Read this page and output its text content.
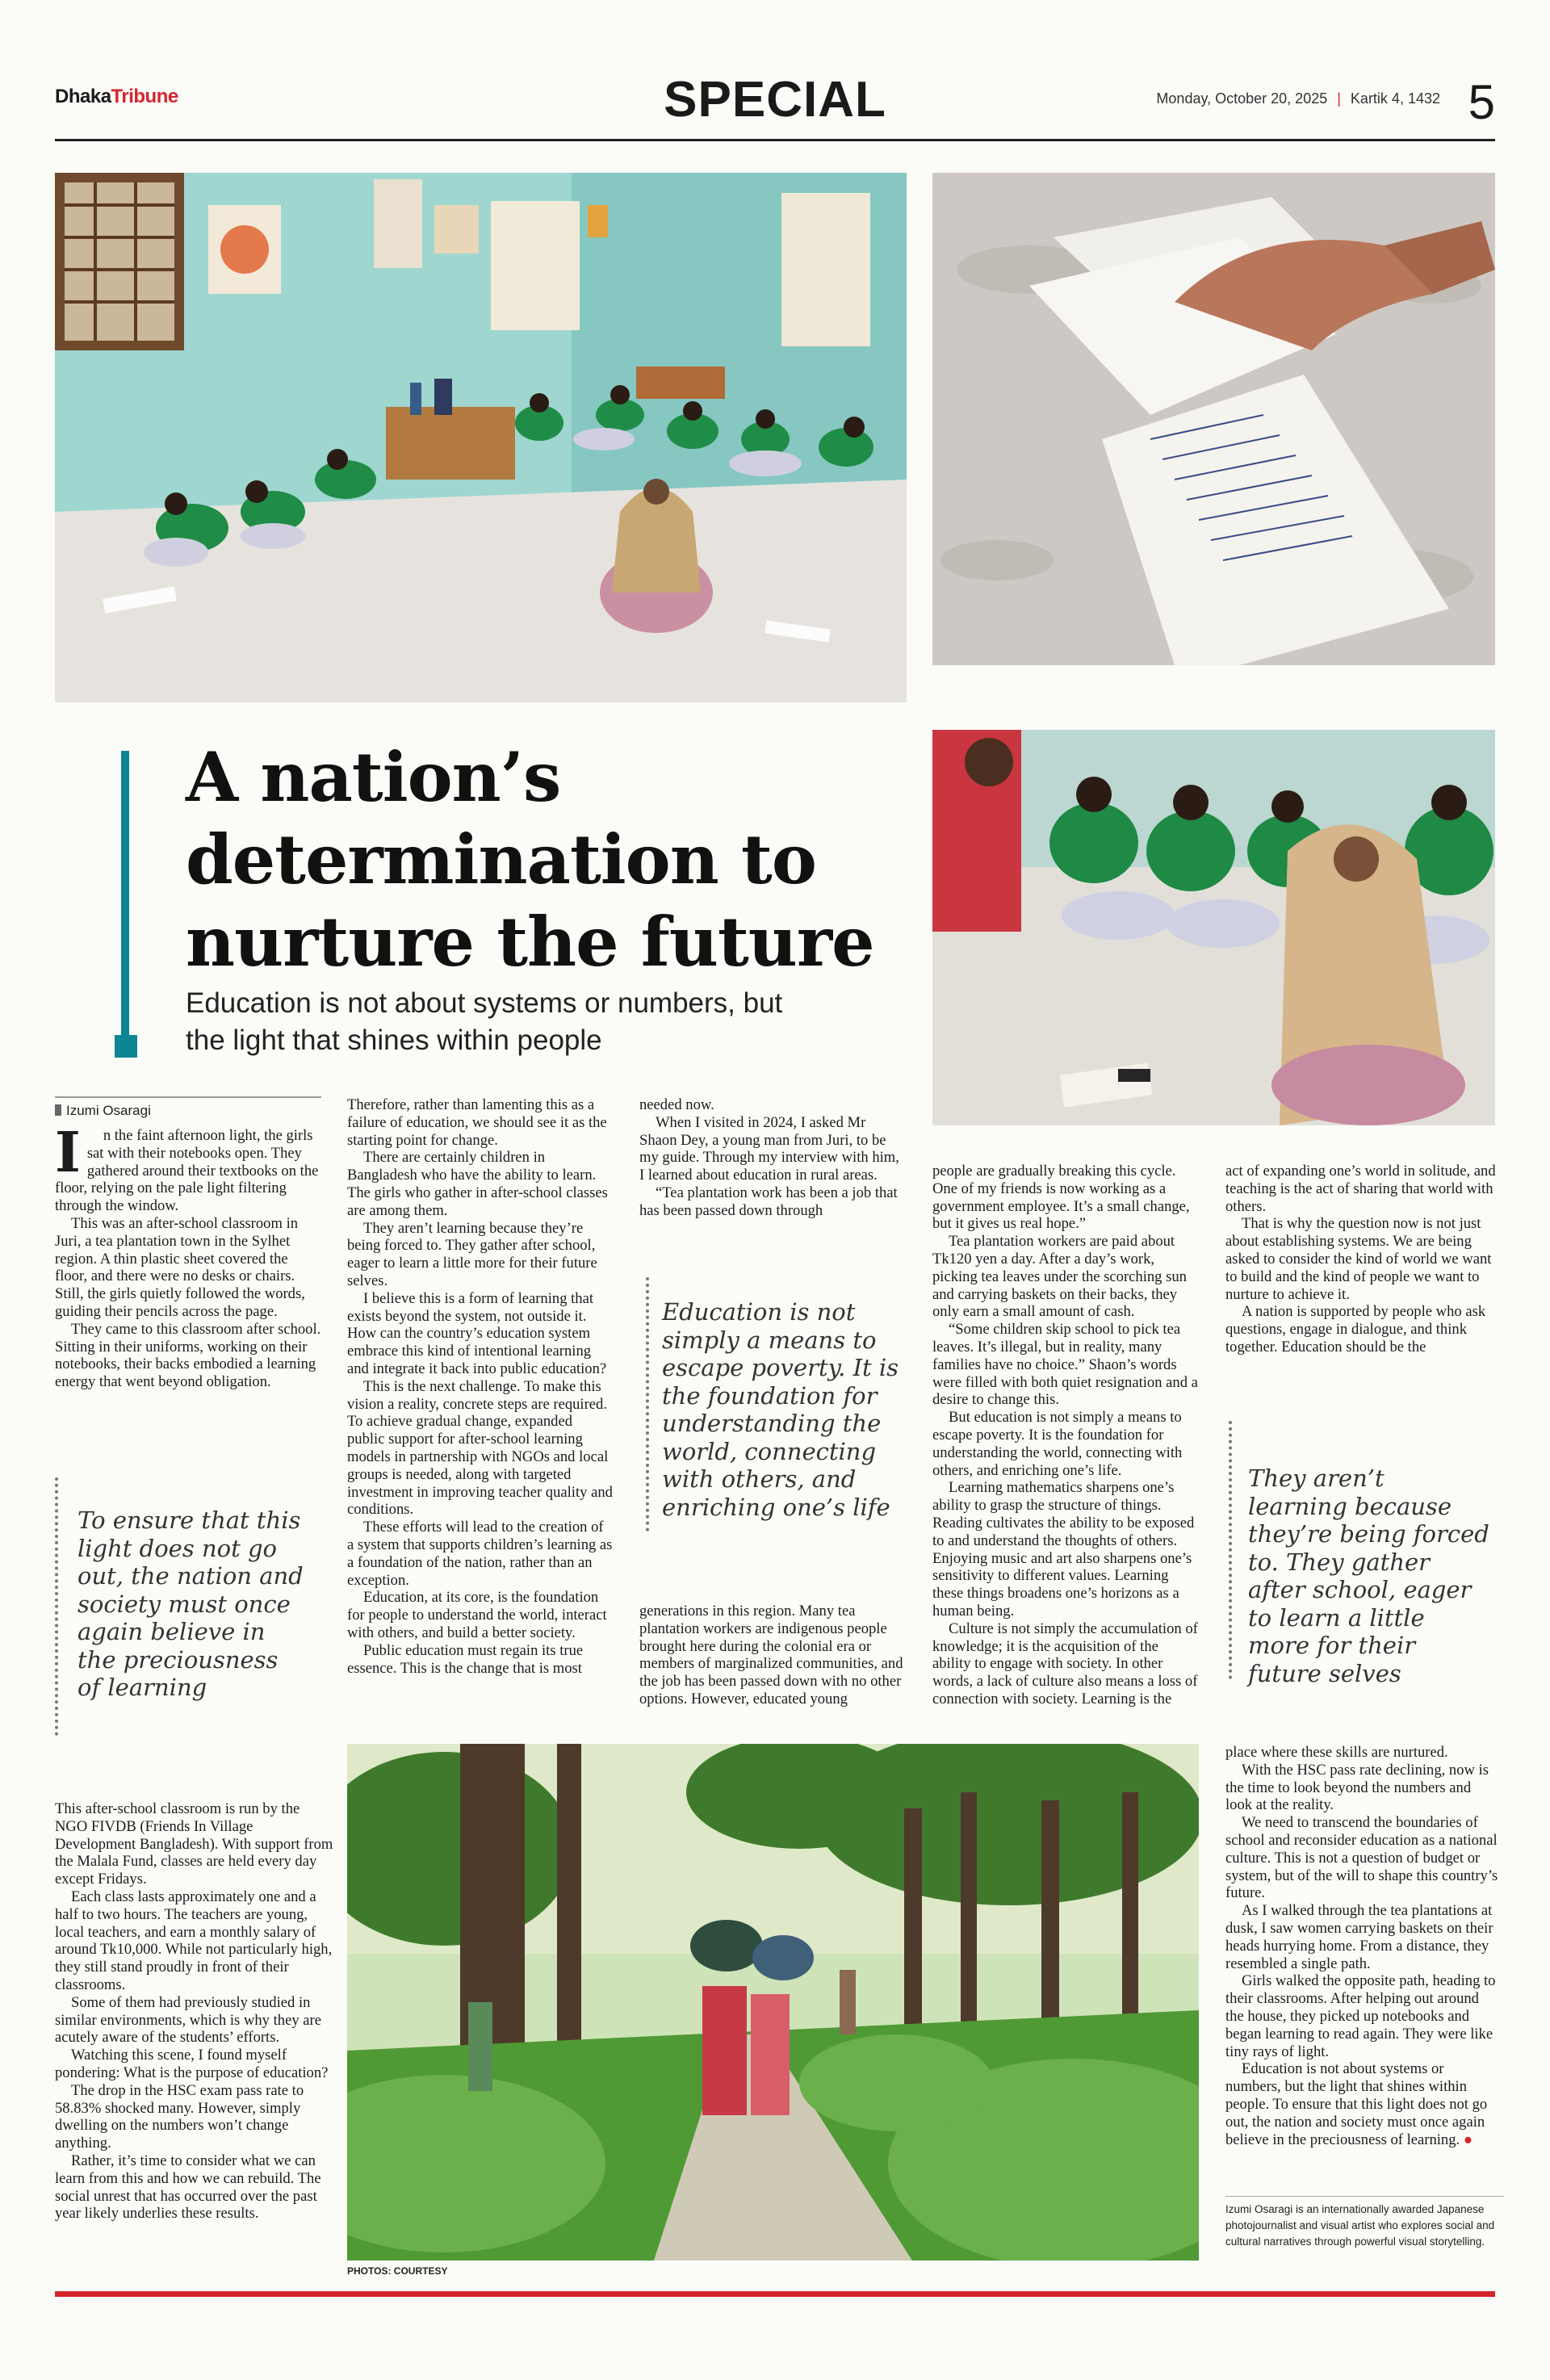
DhakaTribune	SPECIAL	Monday, October 20, 2025 | Kartik 4, 1432 5
A nation’s determination to nurture the future
Education is not about systems or numbers, but the light that shines within people
Izumi Osaragi
I	n the faint afternoon light, the girls sat with their notebooks open. They gathered around their textbooks on the floor, relying on the pale light filtering through the window.

This was an after-school classroom in Juri, a tea plantation town in the Sylhet region. A thin plastic sheet covered the floor, and there were no desks or chairs. Still, the girls quietly followed the words, guiding their pencils across the page.

They came to this classroom after school. Sitting in their uniforms, working on their notebooks, their backs embodied a learning energy that went beyond obligation.

To ensure that this light does not go out, the nation and society must once again believe in the preciousness of learning

This after-school classroom is run by the NGO FIVDB (Friends In Village Development Bangladesh). With support from the Malala Fund, classes are held every day except Fridays.

Each class lasts approximately one and a half to two hours. The teachers are young, local teachers, and earn a monthly salary of around Tk10,000. While not particularly high, they still stand proudly in front of their classrooms.

Some of them had previously studied in similar environments, which is why they are acutely aware of the students’ efforts.

Watching this scene, I found myself pondering: What is the purpose of education?

The drop in the HSC exam pass rate to 58.83% shocked many. However, simply dwelling on the numbers won’t change anything.

Rather, it’s time to consider what we can learn from this and how we can rebuild. The social unrest that has occurred over the past year likely underlies these results.

Therefore, rather than lamenting this as a failure of education, we should see it as the starting point for change.

There are certainly children in Bangladesh who have the ability to learn. The girls who gather in after-school classes are among them.

They aren’t learning because they’re being forced to. They gather after school, eager to learn a little more for their future selves.

I believe this is a form of learning that exists beyond the system, not outside it. How can the country’s education system embrace this kind of intentional learning and integrate it back into public education?

This is the next challenge. To make this vision a reality, concrete steps are required. To achieve gradual change, expanded public support for after-school learning models in partnership with NGOs and local groups is needed, along with targeted investment in improving teacher quality and conditions.

These efforts will lead to the creation of a system that supports children’s learning as a foundation of the nation, rather than an exception.

Education, at its core, is the foundation for people to understand the world, interact with others, and build a better society.

Public education must regain its true essence. This is the change that is most

needed now.

When I visited in 2024, I asked Mr Shaon Dey, a young man from Juri, to be my guide. Through my interview with him, I learned about education in rural areas.

“Tea plantation work has been a job that has been passed down through

Education is not simply a means to escape poverty. It is the foundation for understanding the world, connecting with others, and enriching one’s life

generations in this region. Many tea plantation workers are indigenous people brought here during the colonial era or members of marginalized communities, and the job has been passed down with no other options. However, educated young

people are gradually breaking this cycle. One of my friends is now working as a government employee. It’s a small change, but it gives us real hope.”

Tea plantation workers are paid about Tk120 yen a day. After a day’s work, picking tea leaves under the scorching sun and carrying baskets on their backs, they only earn a small amount of cash.

“Some children skip school to pick tea leaves. It’s illegal, but in reality, many families have no choice.” Shaon’s words were filled with both quiet resignation and a desire to change this.

But education is not simply a means to escape poverty. It is the foundation for understanding the world, connecting with others, and enriching one’s life.

Learning mathematics sharpens one’s ability to grasp the structure of things. Reading cultivates the ability to be exposed to and understand the thoughts of others. Enjoying music and art also sharpens one’s sensitivity to different values. Learning these things broadens one’s horizons as a human being.

Culture is not simply the accumulation of knowledge; it is the acquisition of the ability to engage with society. In other words, a lack of culture also means a loss of connection with society. Learning is the

act of expanding one’s world in solitude, and teaching is the act of sharing that world with others.

That is why the question now is not just about establishing systems. We are being asked to consider the kind of world we want to build and the kind of people we want to nurture to achieve it.

A nation is supported by people who ask questions, engage in dialogue, and think together. Education should be the

They aren’t learning because they’re being forced to. They gather after school, eager to learn a little more for their future selves

place where these skills are nurtured.

With the HSC pass rate declining, now is the time to look beyond the numbers and look at the reality.

We need to transcend the boundaries of school and reconsider education as a national culture. This is not a question of budget or system, but of the will to shape this country’s future.

As I walked through the tea plantations at dusk, I saw women carrying baskets on their heads hurrying home. From a distance, they resembled a single path.

Girls walked the opposite path, heading to their classrooms. After helping out around the house, they picked up notebooks and began learning to read again. They were like tiny rays of light.

Education is not about systems or numbers, but the light that shines within people. To ensure that this light does not go out, the nation and society must once again believe in the preciousness of learning. ●

Izumi Osaragi is an internationally awarded Japanese photojournalist and visual artist who explores social and cultural narratives through powerful visual storytelling.
PHOTOS: COURTESY
